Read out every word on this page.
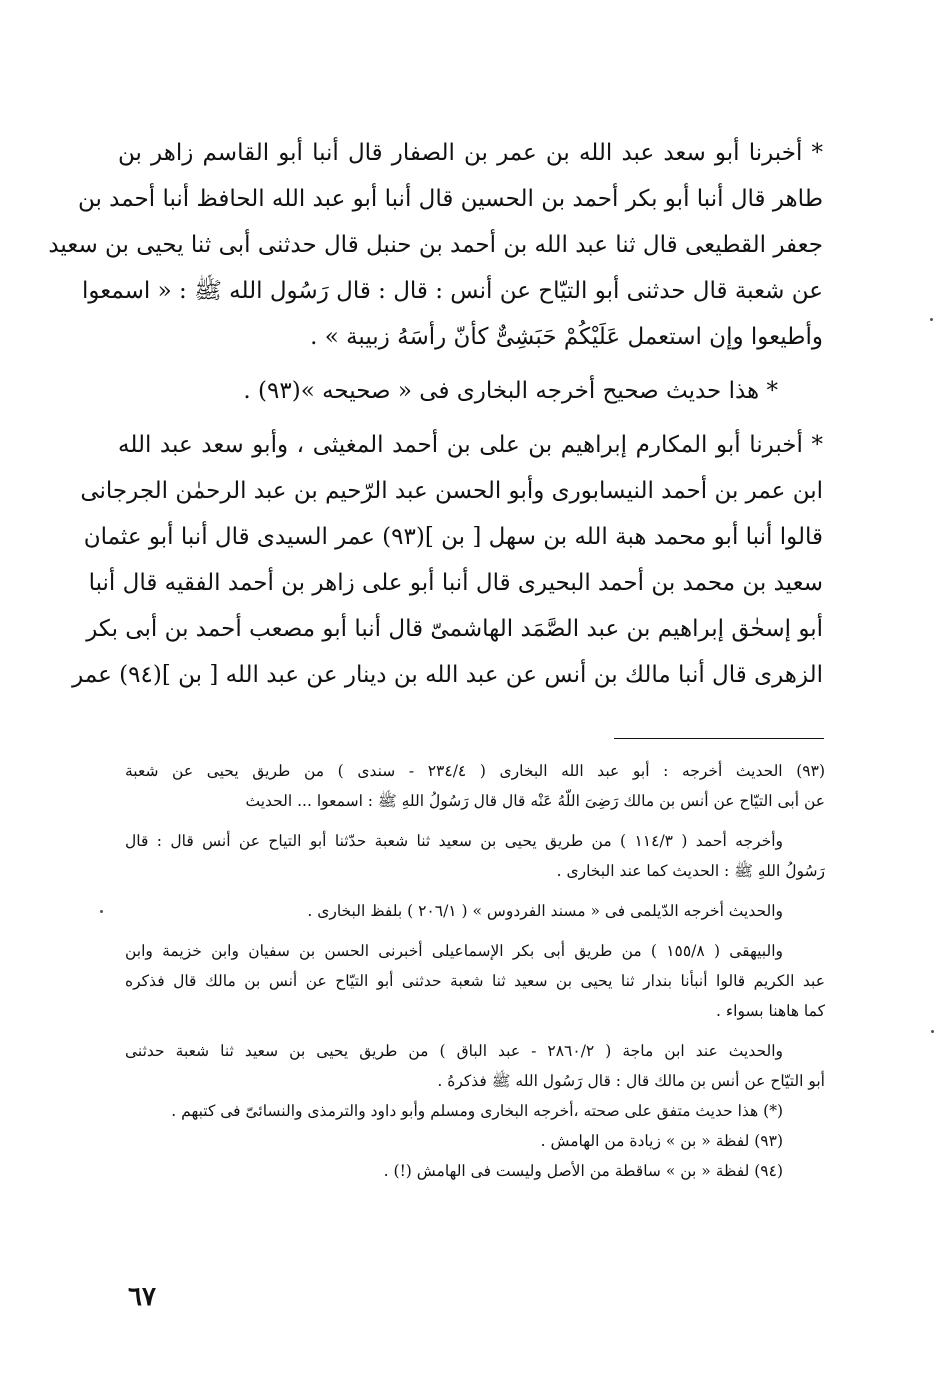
* أخبرنا أبو سعد عبد الله بن عمر بن الصفار قال أنبا أبو القاسم زاهر بن
طاهر قال أنبا أبو بكر أحمد بن الحسين قال أنبا أبو عبد الله الحافظ أنبا أحمد بن
جعفر القطيعى قال ثنا عبد الله بن أحمد بن حنبل قال حدثنى أبى ثنا يحيى بن سعيد
عن شعبة قال حدثنى أبو التيّاح عن أنس : قال : قال رَسُول الله ﷺ : « اسمعوا
وأطيعوا وإن استعمل عَلَيْكُمْ حَبَشِىٌّ كأنّ رأسَهُ زبيبة » .
* هذا حديث صحيح أخرجه البخارى فى « صحيحه »(٩٣) .
* أخبرنا أبو المكارم إبراهيم بن على بن أحمد المغيثى ، وأبو سعد عبد الله
ابن عمر بن أحمد النيسابورى وأبو الحسن عبد الرّحيم بن عبد الرحمٰن الجرجانى
قالوا أنبا أبو محمد هبة الله بن سهل [ بن ](٩٣) عمر السيدى قال أنبا أبو عثمان
سعيد بن محمد بن أحمد البحيرى قال أنبا أبو على زاهر بن أحمد الفقيه قال أنبا
أبو إسحٰق إبراهيم بن عبد الصَّمَد الهاشمىّ قال أنبا أبو مصعب أحمد بن أبى بكر
الزهرى قال أنبا مالك بن أنس عن عبد الله بن دينار عن عبد الله [ بن ](٩٤) عمر
(٩٣) الحديث أخرجه : أبو عبد الله البخارى ( ٢٣٤/٤ - سندى ) من طريق يحيى عن شعبة
عن أبى التيّاح عن أنس بن مالك رَضِىَ اللّهُ عَنْه قال قال رَسُولُ اللهِ ﷺ : اسمعوا ... الحديث
وأخرجه أحمد ( ١١٤/٣ ) من طريق يحيى بن سعيد ثنا شعبة حدّثنا أبو التياح عن أنس قال : قال
رَسُولُ اللهِ ﷺ : الحديث كما عند البخارى .
والحديث أخرجه الدّيلمى فى « مسند الفردوس » ( ٢٠٦/١ ) بلفظ البخارى .
والبيهقى ( ١٥٥/٨ ) من طريق أبى بكر الإسماعيلى أخبرنى الحسن بن سفيان وابن خزيمة وابن
عبد الكريم قالوا أنبأنا بندار ثنا يحيى بن سعيد ثنا شعبة حدثنى أبو التيّاح عن أنس بن مالك قال فذكره
كما هاهنا بسواء .
والحديث عند ابن ماجة ( ٢٨٦٠/٢ - عبد الباق ) من طريق يحيى بن سعيد ثنا شعبة حدثنى
أبو التيّاح عن أنس بن مالك قال : قال رَسُول الله ﷺ فذكرهُ .
(*) هذا حديث متفق على صحته ،أخرجه البخارى ومسلم وأبو داود والترمذى والنسائىّ فى كتبهم .
(٩٣) لفظة « بن » زيادة من الهامش .
(٩٤) لفظة « بن » ساقطة من الأصل وليست فى الهامش (!) .
٦٧
